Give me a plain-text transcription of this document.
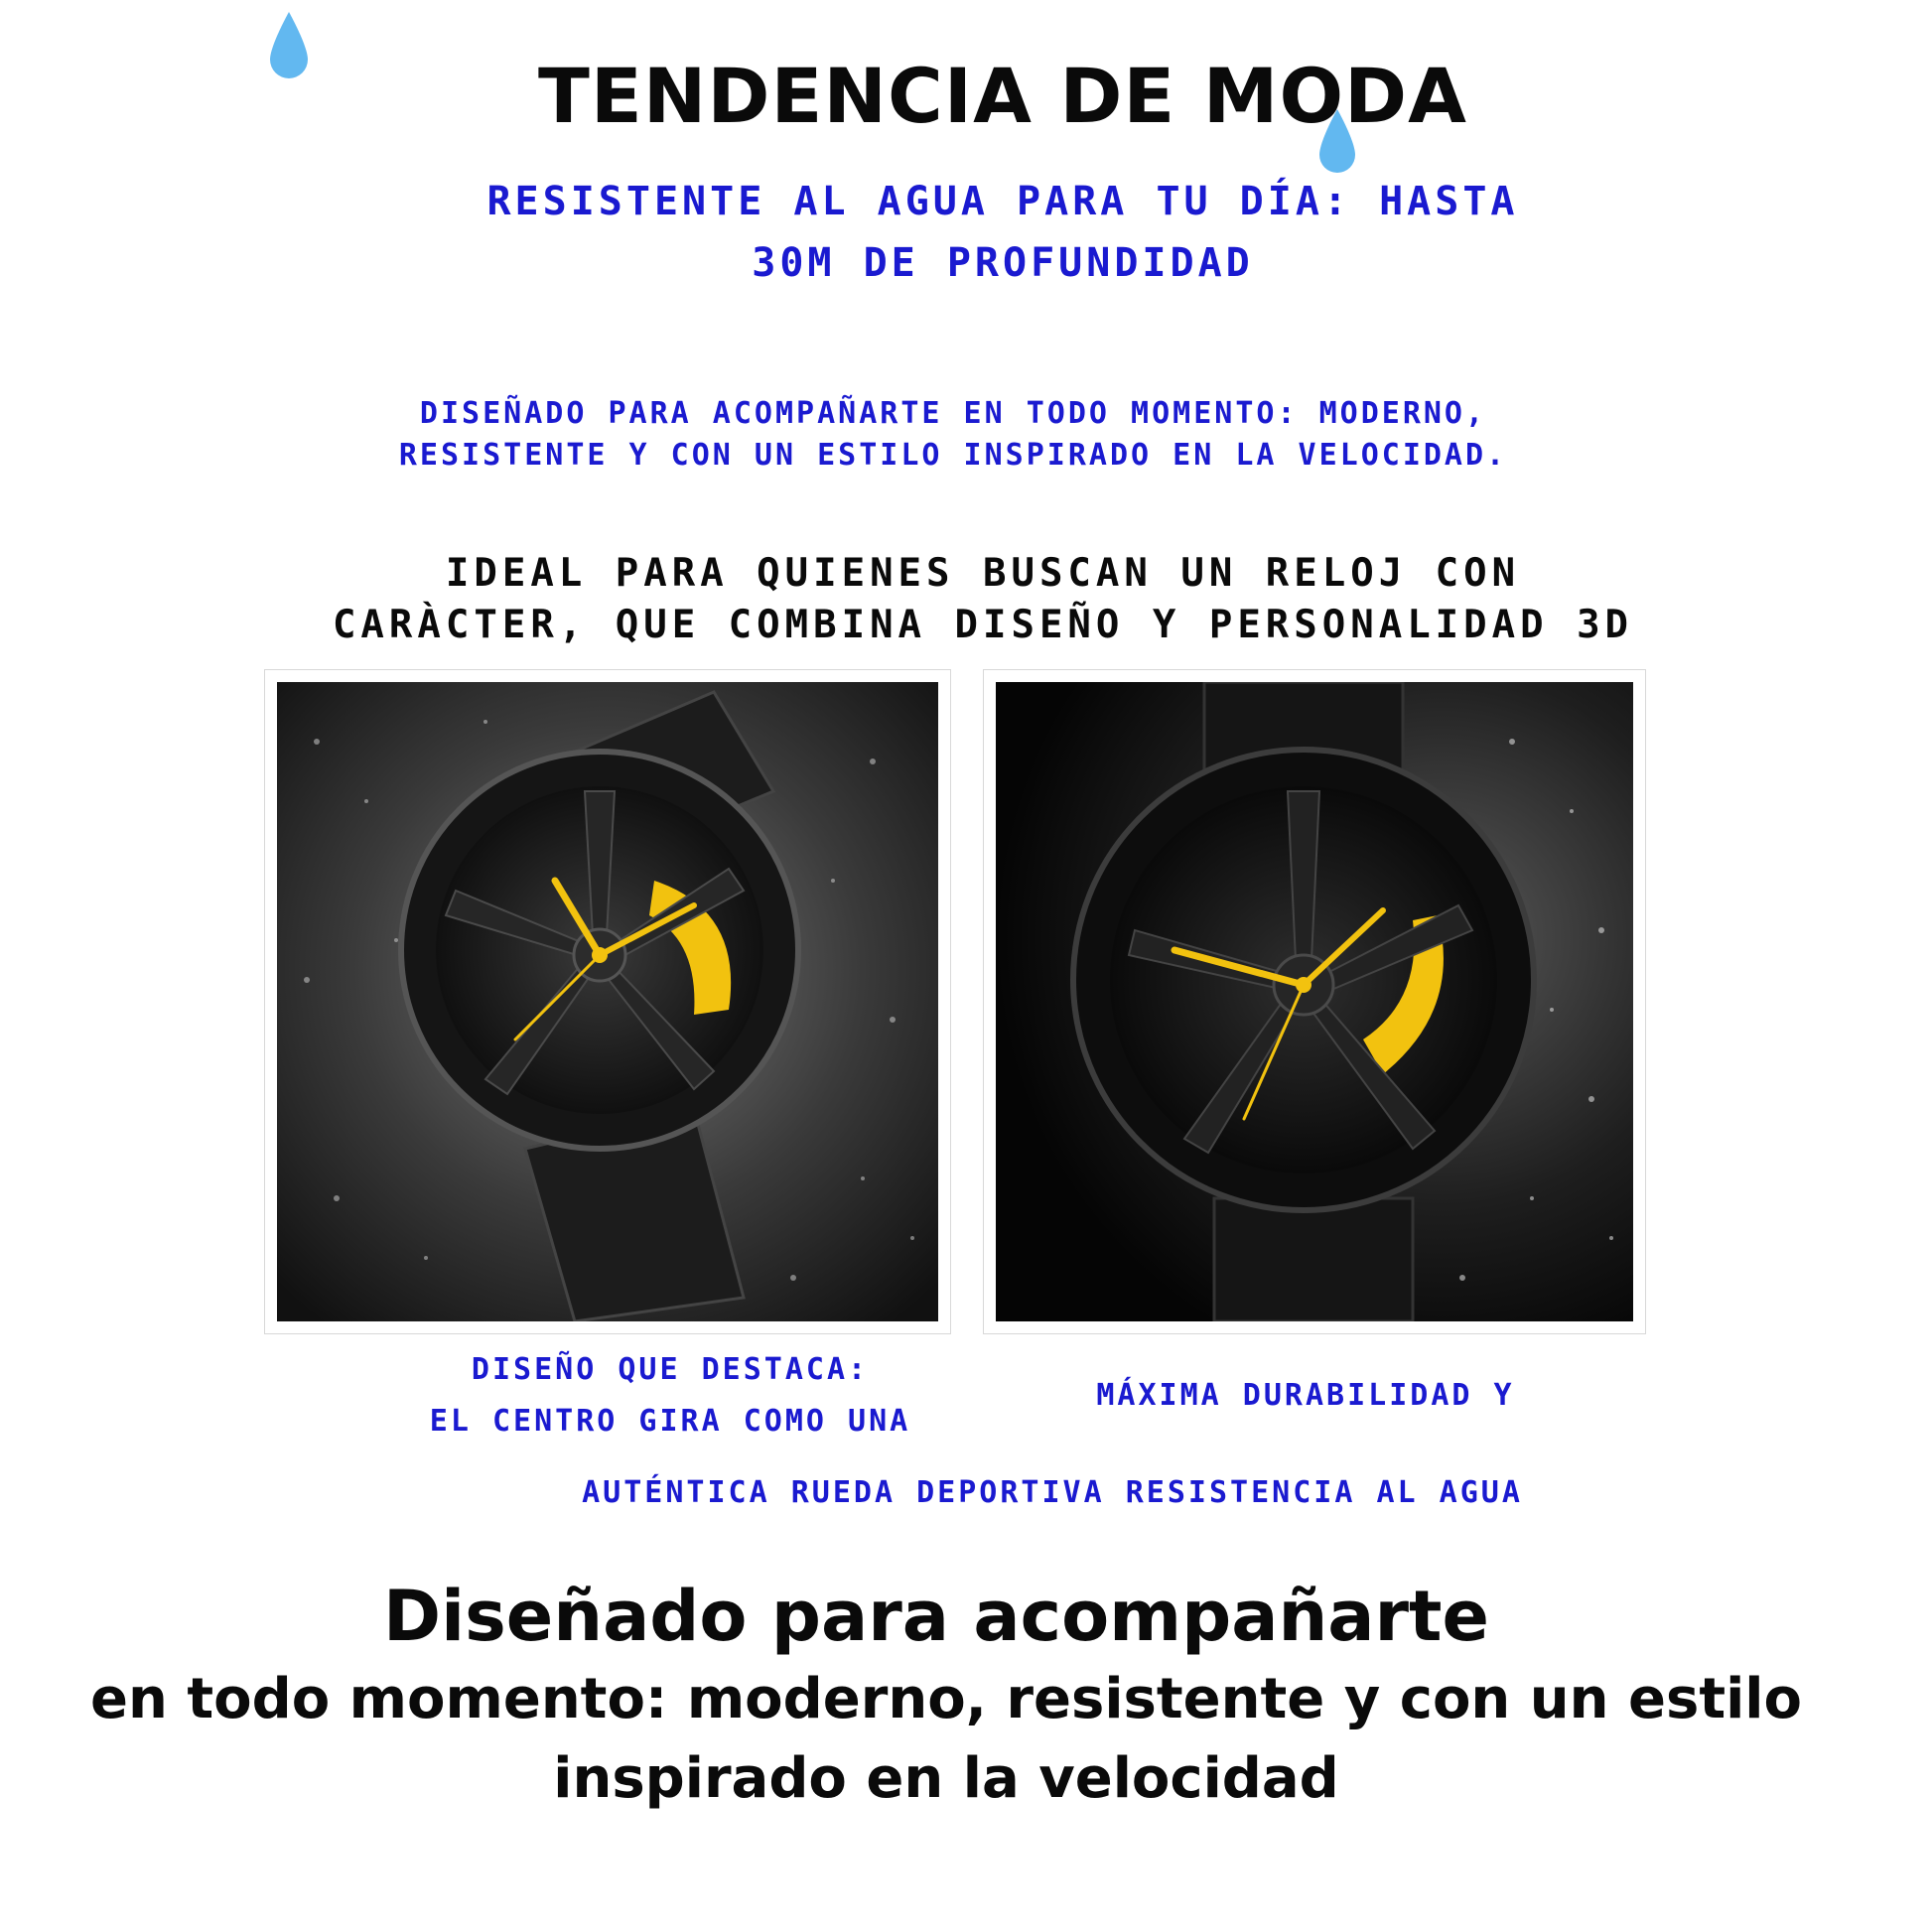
TENDENCIA DE MODA
RESISTENTE AL AGUA PARA TU DÍA: HASTA
30M DE PROFUNDIDAD
DISEÑADO PARA ACOMPAÑARTE EN TODO MOMENTO: MODERNO,
RESISTENTE Y CON UN ESTILO INSPIRADO EN LA VELOCIDAD.
IDEAL PARA QUIENES BUSCAN UN RELOJ CON
CARÀCTER, QUE COMBINA DISEÑO Y PERSONALIDAD 3D
DISEÑO QUE DESTACA:
EL CENTRO GIRA COMO UNA
MÁXIMA DURABILIDAD Y
AUTÉNTICA RUEDA DEPORTIVA RESISTENCIA AL AGUA
Diseñado para acompañarte
en todo momento: moderno, resistente y con un estilo
inspirado en la velocidad
